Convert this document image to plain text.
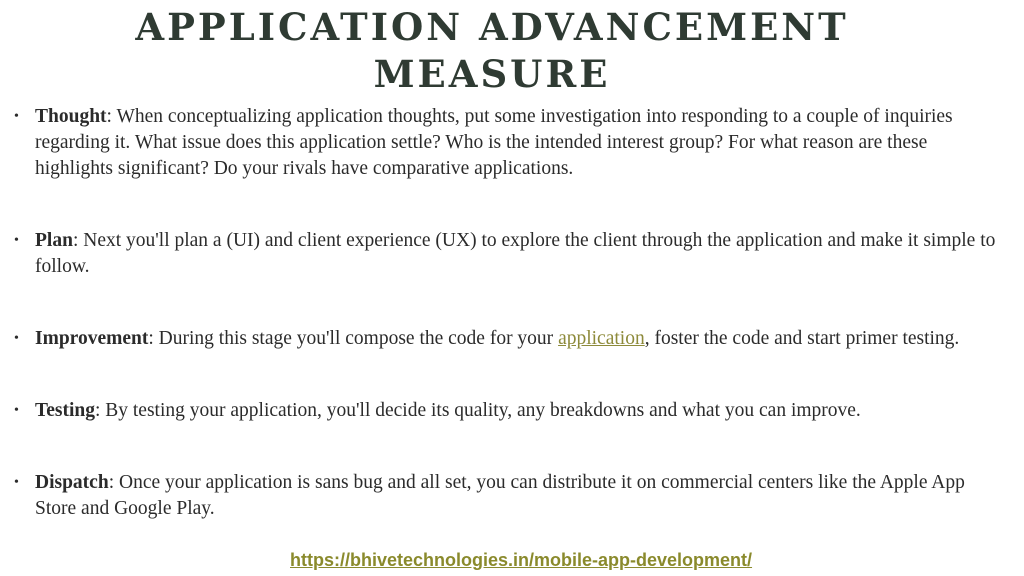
APPLICATION ADVANCEMENT
MEASURE
• Thought: When conceptualizing application thoughts, put some investigation into responding to a couple of inquiries regarding it. What issue does this application settle? Who is the intended interest group? For what reason are these highlights significant? Do your rivals have comparative applications.
• Plan: Next you'll plan a (UI) and client experience (UX) to explore the client through the application and make it simple to follow.
• Improvement: During this stage you'll compose the code for your application, foster the code and start primer testing.
• Testing: By testing your application, you'll decide its quality, any breakdowns and what you can improve.
• Dispatch: Once your application is sans bug and all set, you can distribute it on commercial centers like the Apple App Store and Google Play.
https://bhivetechnologies.in/mobile-app-development/
